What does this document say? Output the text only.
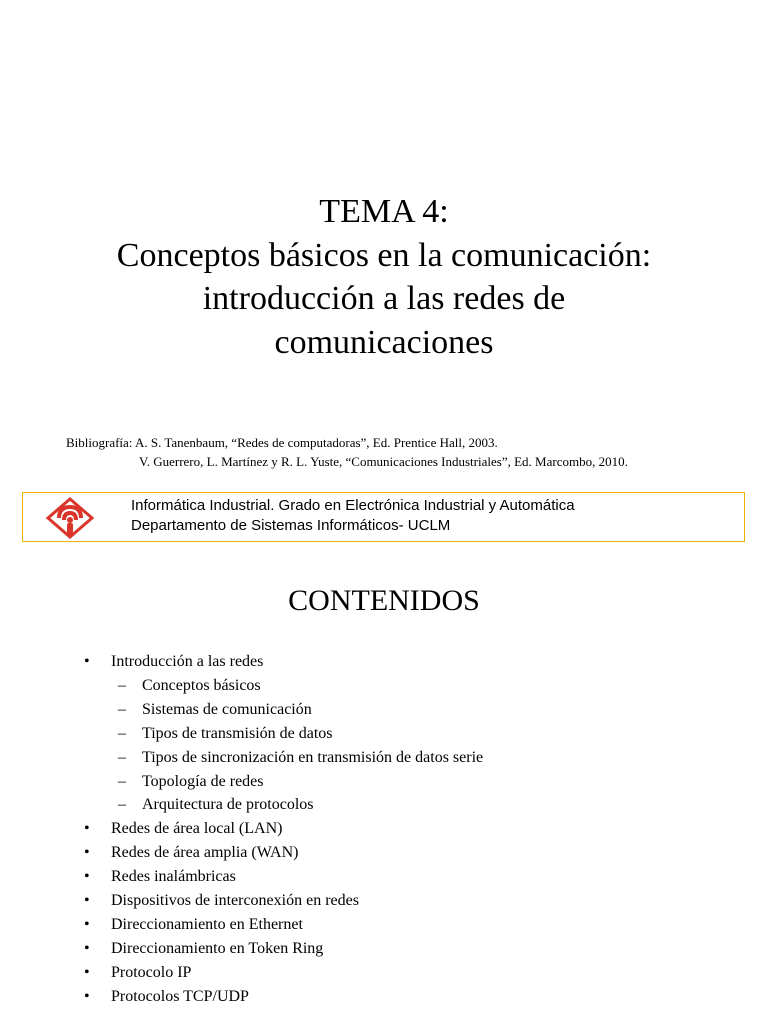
TEMA 4:
Conceptos básicos en la comunicación:
introducción a las redes de
comunicaciones
Bibliografía: A. S. Tanenbaum, “Redes de computadoras”, Ed. Prentice Hall, 2003.
V. Guerrero, L. Martínez y R. L. Yuste, “Comunicaciones Industriales”, Ed. Marcombo, 2010.
Informática Industrial. Grado en Electrónica Industrial y Automática
Departamento de Sistemas Informáticos- UCLM
CONTENIDOS
• Introducción a las redes
– Conceptos básicos
– Sistemas de comunicación
– Tipos de transmisión de datos
– Tipos de sincronización en transmisión de datos serie
– Topología de redes
– Arquitectura de protocolos
• Redes de área local (LAN)
• Redes de área amplia (WAN)
• Redes inalámbricas
• Dispositivos de interconexión en redes
• Direccionamiento en Ethernet
• Direccionamiento en Token Ring
• Protocolo IP
• Protocolos TCP/UDP
